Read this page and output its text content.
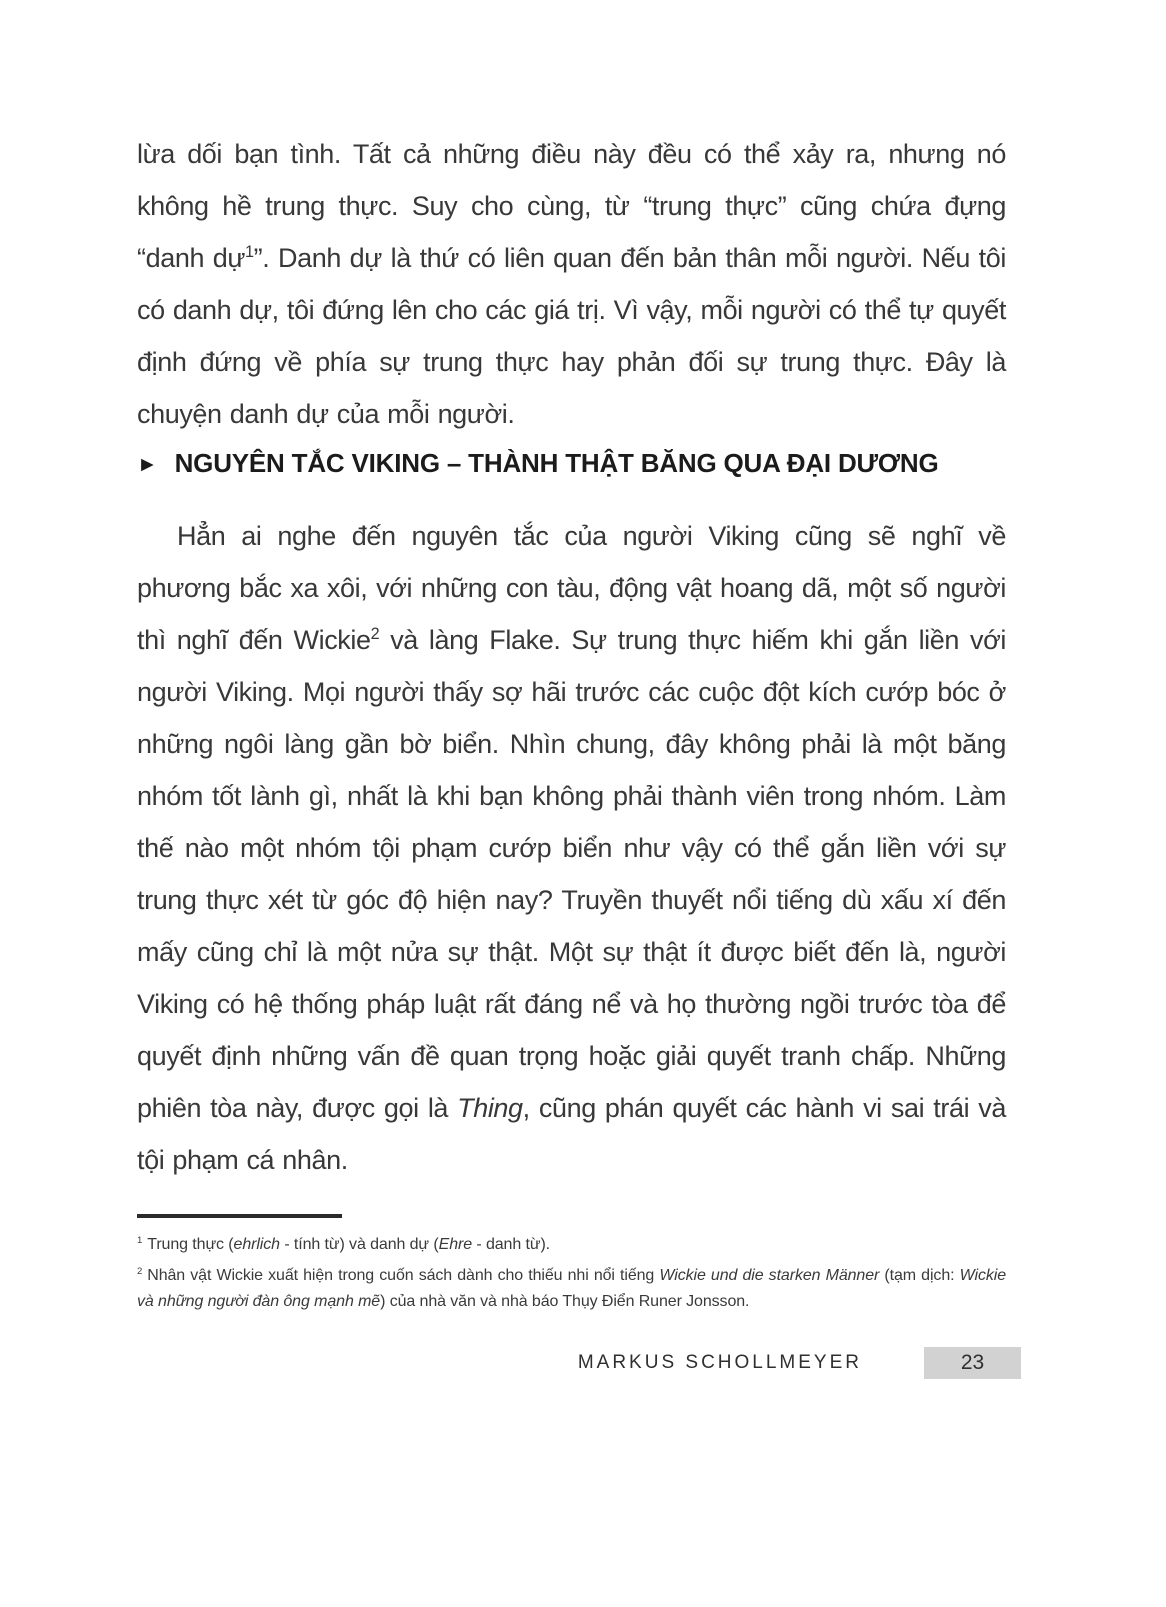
lừa dối bạn tình. Tất cả những điều này đều có thể xảy ra, nhưng nó không hề trung thực. Suy cho cùng, từ “trung thực” cũng chứa đựng “danh dự$^1$”. Danh dự là thứ có liên quan đến bản thân mỗi người. Nếu tôi có danh dự, tôi đứng lên cho các giá trị. Vì vậy, mỗi người có thể tự quyết định đứng về phía sự trung thực hay phản đối sự trung thực. Đây là chuyện danh dự của mỗi người.

► NGUYÊN TẮC VIKING – THÀNH THẬT BĂNG QUA ĐẠI DƯƠNG

Hẳn ai nghe đến nguyên tắc của người Viking cũng sẽ nghĩ về phương bắc xa xôi, với những con tàu, động vật hoang dã, một số người thì nghĩ đến Wickie$^2$ và làng Flake. Sự trung thực hiếm khi gắn liền với người Viking. Mọi người thấy sợ hãi trước các cuộc đột kích cướp bóc ở những ngôi làng gần bờ biển. Nhìn chung, đây không phải là một băng nhóm tốt lành gì, nhất là khi bạn không phải thành viên trong nhóm. Làm thế nào một nhóm tội phạm cướp biển như vậy có thể gắn liền với sự trung thực xét từ góc độ hiện nay? Truyền thuyết nổi tiếng dù xấu xí đến mấy cũng chỉ là một nửa sự thật. Một sự thật ít được biết đến là, người Viking có hệ thống pháp luật rất đáng nể và họ thường ngồi trước tòa để quyết định những vấn đề quan trọng hoặc giải quyết tranh chấp. Những phiên tòa này, được gọi là Thing, cũng phán quyết các hành vi sai trái và tội phạm cá nhân.

$^1$ Trung thực (ehrlich - tính từ) và danh dự (Ehre - danh từ).

$^2$ Nhân vật Wickie xuất hiện trong cuốn sách dành cho thiếu nhi nổi tiếng Wickie und die starken Männer (tạm dịch: Wickie và những người đàn ông mạnh mẽ) của nhà văn và nhà báo Thụy Điển Runer Jonsson.

MARKUS SCHOLLMEYER	23
